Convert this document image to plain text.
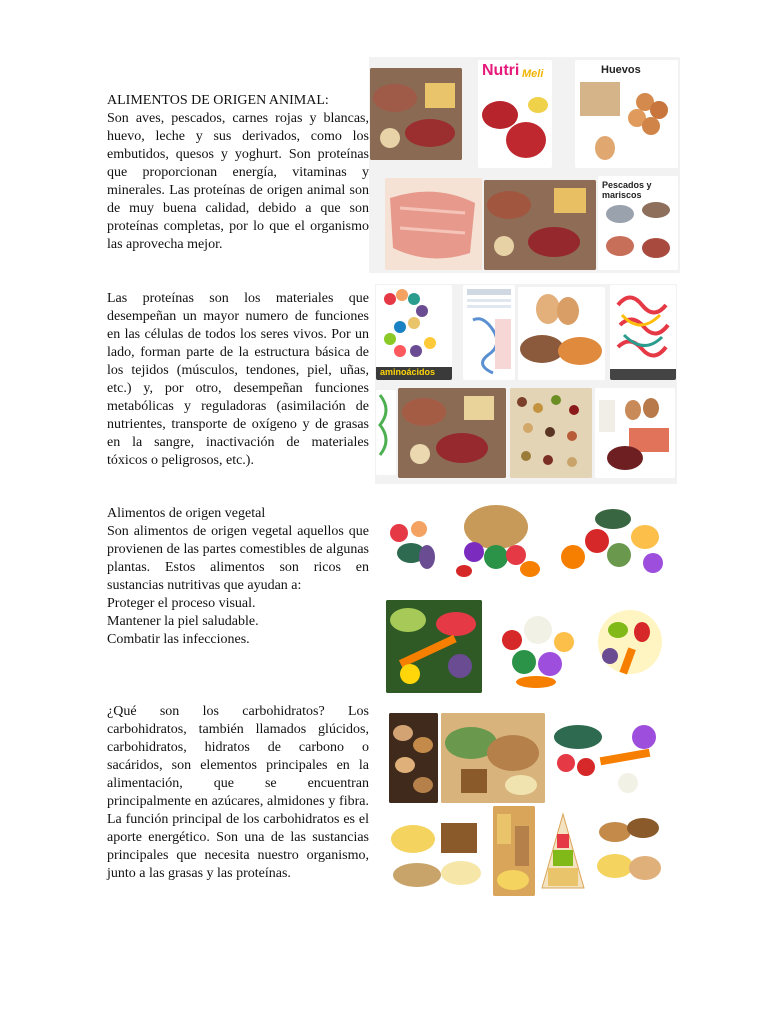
ALIMENTOS DE ORIGEN ANIMAL:

Son aves, pescados, carnes rojas y blancas, huevo, leche y sus derivados, como los embutidos, quesos y yoghurt. Son proteínas que proporcionan energía, vitaminas y minerales. Las proteínas de origen animal son de muy buena calidad, debido a que son proteínas completas, por lo que el organismo las aprovecha mejor.

Las proteínas son los materiales que desempeñan un mayor numero de funciones en las células de todos los seres vivos. Por un lado, forman parte de la estructura básica de los tejidos (músculos, tendones, piel, uñas, etc.) y, por otro, desempeñan funciones metabólicas y reguladoras (asimilación de nutrientes, transporte de oxígeno y de grasas en la sangre, inactivación de materiales tóxicos o peligrosos, etc.).

Alimentos de origen vegetal

Son alimentos de origen vegetal aquellos que provienen de las partes comestibles de algunas plantas. Estos alimentos son ricos en sustancias nutritivas que ayudan a:

Proteger el proceso visual.

Mantener la piel saludable.

Combatir las infecciones.

¿Qué son los carbohidratos? Los carbohidratos, también llamados glúcidos, carbohidratos, hidratos de carbono o sacáridos, son elementos principales en la alimentación, que se encuentran principalmente en azúcares, almidones y fibra. La función principal de los carbohidratos es el aporte energético. Son una de las sustancias principales que necesita nuestro organismo, junto a las grasas y las proteínas.

Nutri Meli	Huevos
Pescados y mariscos
aminoácidos
